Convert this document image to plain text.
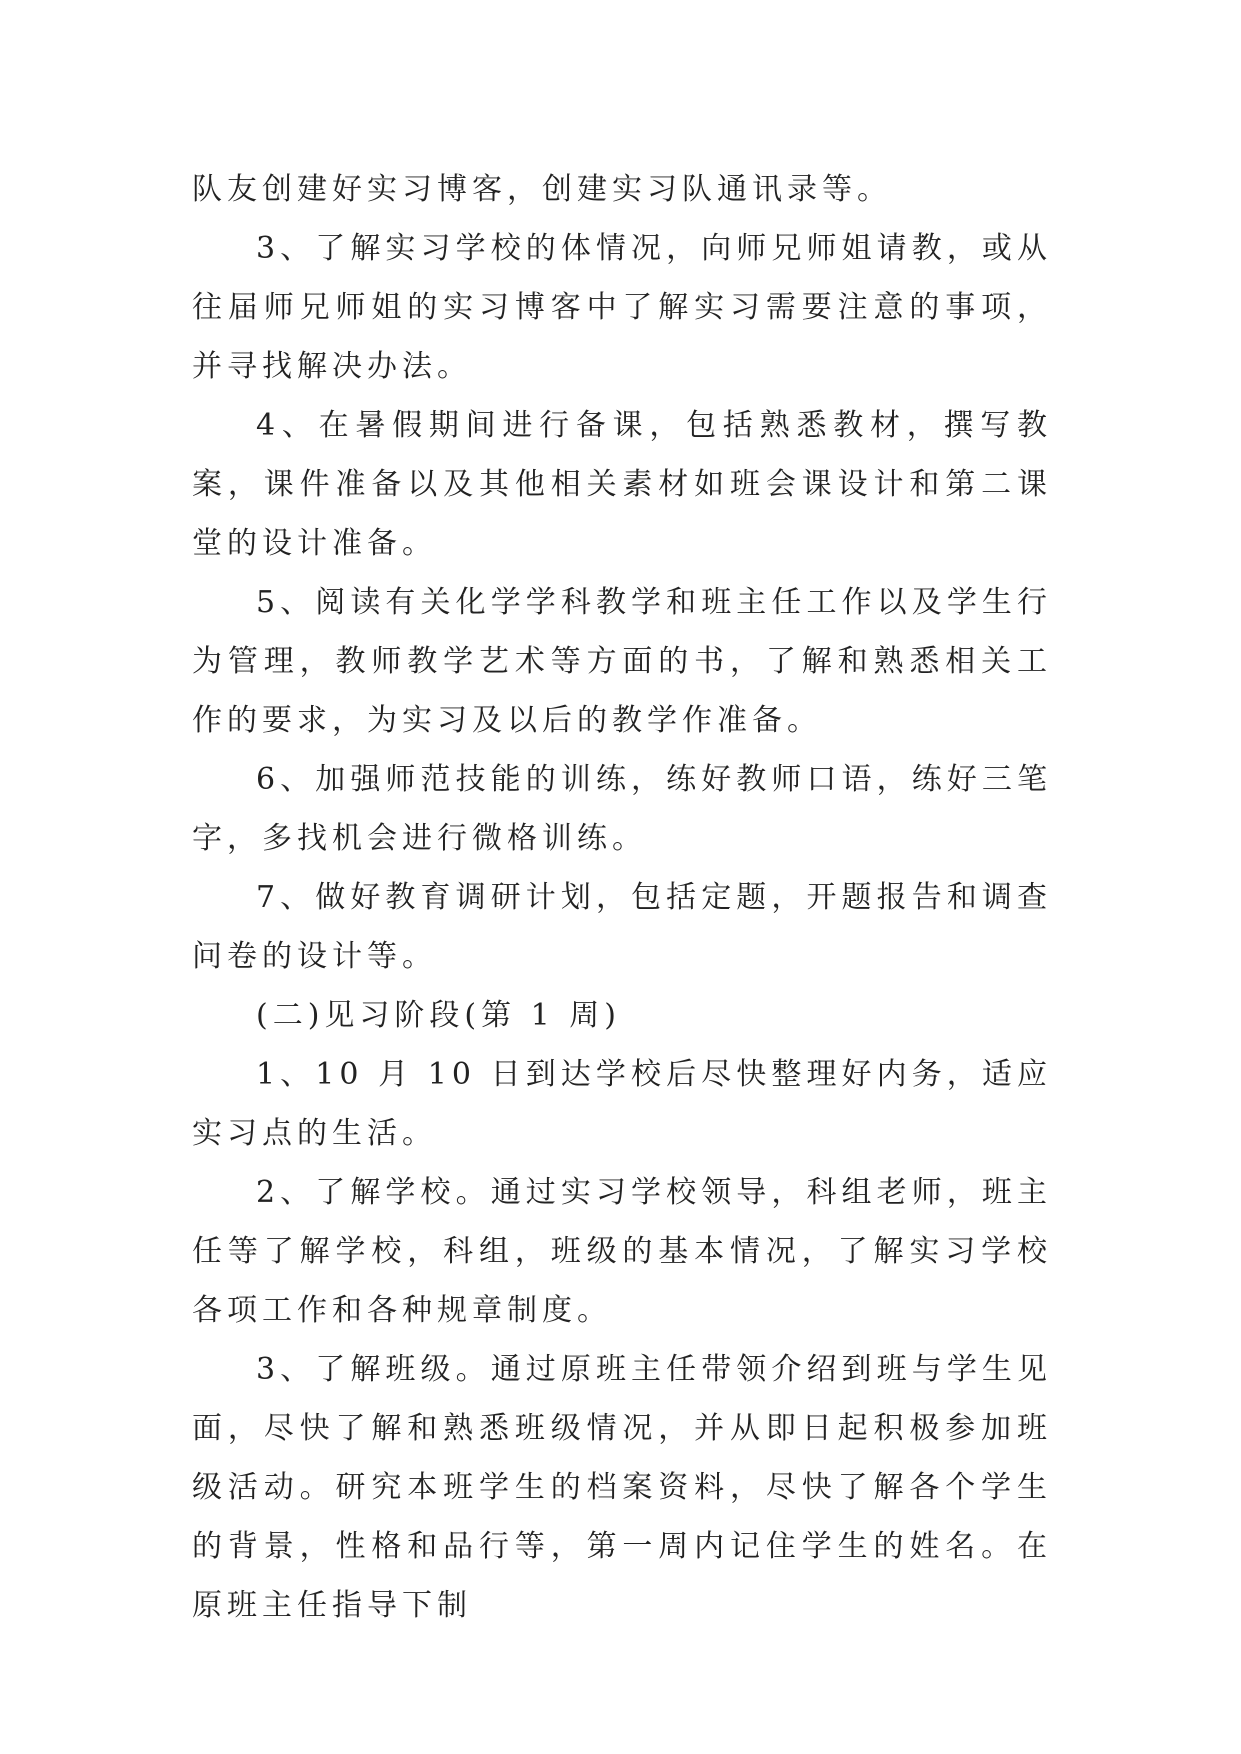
队友创建好实习博客，创建实习队通讯录等。

3、了解实习学校的体情况，向师兄师姐请教，或从往届师兄师姐的实习博客中了解实习需要注意的事项，并寻找解决办法。

4、在暑假期间进行备课，包括熟悉教材，撰写教案，课件准备以及其他相关素材如班会课设计和第二课堂的设计准备。

5、阅读有关化学学科教学和班主任工作以及学生行为管理，教师教学艺术等方面的书，了解和熟悉相关工作的要求，为实习及以后的教学作准备。

6、加强师范技能的训练，练好教师口语，练好三笔字，多找机会进行微格训练。

7、做好教育调研计划，包括定题，开题报告和调查问卷的设计等。

(二)见习阶段(第 1 周)

1、10 月 10 日到达学校后尽快整理好内务，适应实习点的生活。

2、了解学校。通过实习学校领导，科组老师，班主任等了解学校，科组，班级的基本情况，了解实习学校各项工作和各种规章制度。

3、了解班级。通过原班主任带领介绍到班与学生见面，尽快了解和熟悉班级情况，并从即日起积极参加班级活动。研究本班学生的档案资料，尽快了解各个学生的背景，性格和品行等，第一周内记住学生的姓名。在原班主任指导下制
